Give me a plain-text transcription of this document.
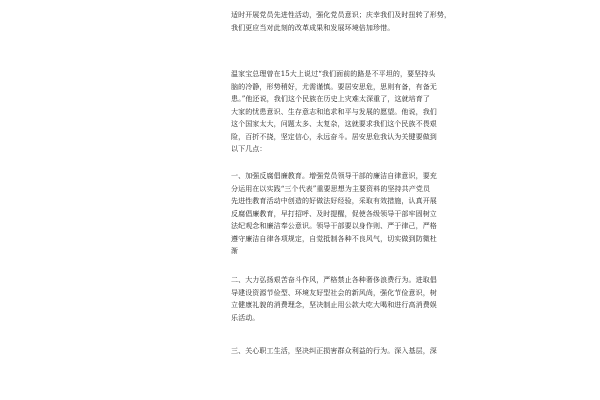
适时开展党员先进性活动，强化党员意识；庆幸我们及时扭转了形势，
我们更应当对此刻的改革成果和发展环境倍加珍惜。

温家宝总理曾在15大上说过“我们面前的路是不平坦的，要坚持头
脑的冷静，形势稍好，尤需谨慎。要居安思危，思则有备，有备无
患。”他还说，我们这个民族在历史上灾难太深重了，这就培育了
大家的忧患意识、生存意志和追求和平与发展的愿望。他说，我们
这个国家太大，问题太多、太复杂，这就要求我们这个民族不畏艰
险，百折不挠，坚定信心，永远奋斗。居安思危我认为关键要做到
以下几点：

一、加强反腐倡廉教育。增强党员领导干部的廉洁自律意识，要充
分运用在以实践“三个代表”重要思想为主要资料的坚持共产党员
先进性教育活动中创造的好做法好经验，采取有效措施，认真开展
反腐倡廉教育，早打招呼、及时提醒，促使各级领导干部牢固树立
法纪观念和廉洁奉公意识。领导干部要以身作则、严于律己，严格
遵守廉洁自律各项规定，自觉抵制各种不良风气，切实做到防微杜
渐

二、大力弘扬艰苦奋斗作风，严格禁止各种奢侈浪费行为。进取倡
导建设资源节俭型、环境友好型社会的新风尚，强化节俭意识，树
立健康礼貌的消费理念，坚决制止用公款大吃大喝和进行高消费娱
乐活动。

三、关心职工生活，坚决纠正损害群众利益的行为。深入基层，深
